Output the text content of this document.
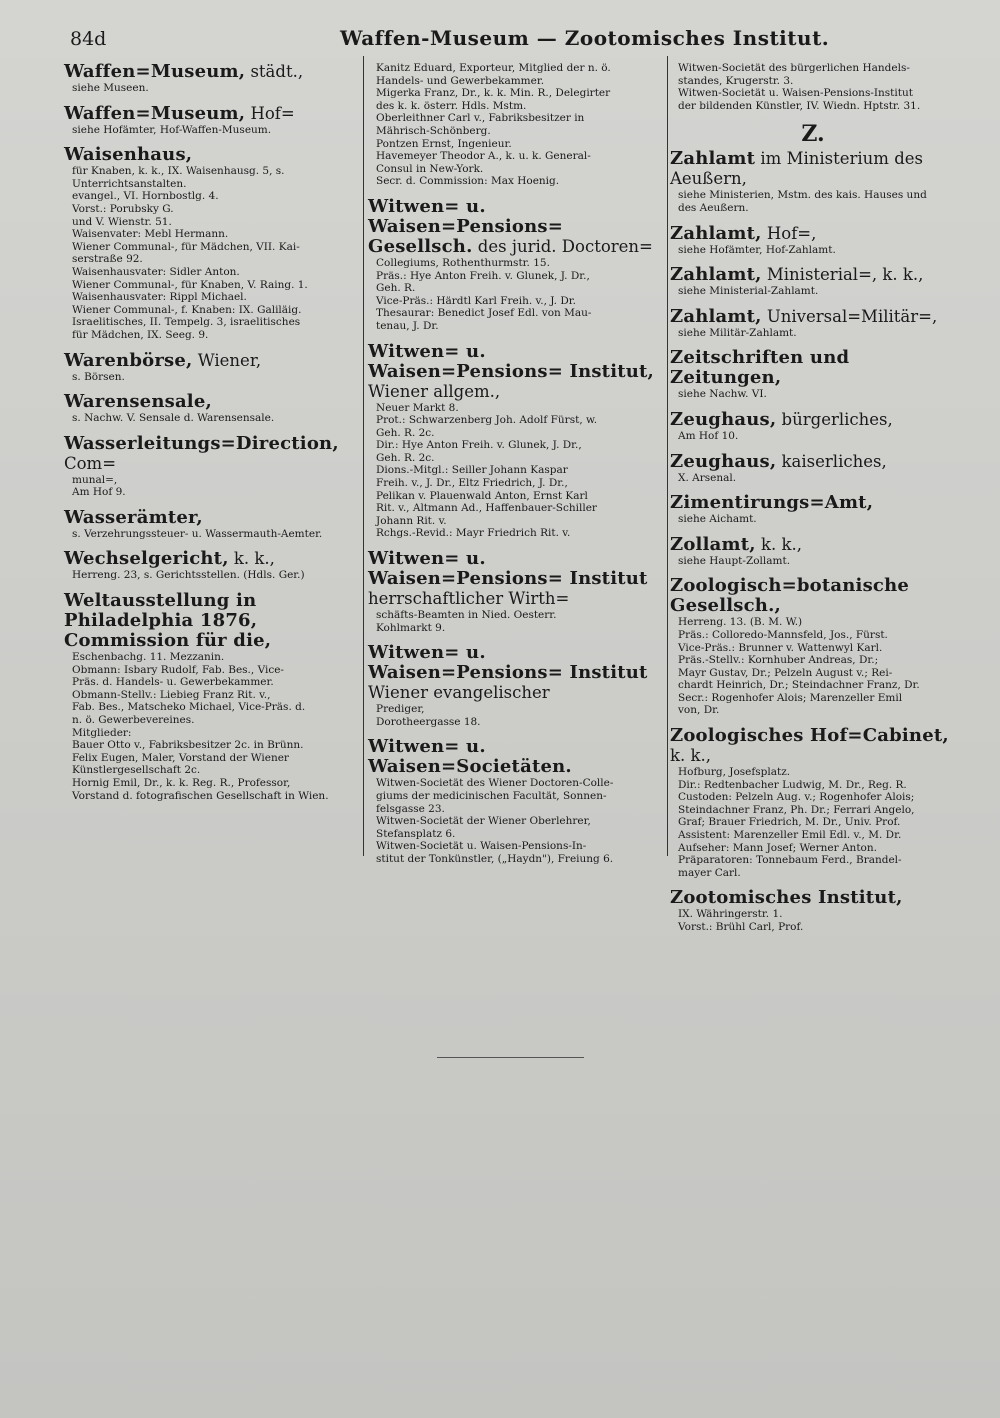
84d	Waffen-Museum — Zootomisches Institut.

Waffen=Museum, städt.,

siehe Museen.

Waffen=Museum, Hof=

siehe Hofämter, Hof-Waffen-Museum.

Waisenhaus,

für Knaben, k. k., IX. Waisenhausg. 5, s.

Unterrichtsanstalten.

evangel., VI. Hornbostlg. 4.

Vorst.: Porubsky G.

und V. Wienstr. 51.

Waisenvater: Mebl Hermann.

Wiener Communal-, für Mädchen, VII. Kai-

serstraße 92.

Waisenhausvater: Sidler Anton.

Wiener Communal-, für Knaben, V. Raing. 1.

Waisenhausvater: Rippl Michael.

Wiener Communal-, f. Knaben: IX. Galiläig.

Israelitisches, II. Tempelg. 3, israelitisches

für Mädchen, IX. Seeg. 9.

Warenbörse, Wiener,

s. Börsen.

Warensensale,

s. Nachw. V. Sensale d. Warensensale.

Wasserleitungs=Direction, Com=

munal=,

Am Hof 9.

Wasserämter,

s. Verzehrungssteuer- u. Wassermauth-Aemter.

Wechselgericht, k. k.,

Herreng. 23, s. Gerichtsstellen. (Hdls. Ger.)

Weltausstellung in Philadelphia 1876, Commission für die,

Eschenbachg. 11. Mezzanin.

Obmann: Isbary Rudolf, Fab. Bes., Vice-

Präs. d. Handels- u. Gewerbekammer.

Obmann-Stellv.: Liebieg Franz Rit. v.,

Fab. Bes., Matscheko Michael, Vice-Präs. d.

n. ö. Gewerbevereines.

Mitglieder:

Bauer Otto v., Fabriksbesitzer 2c. in Brünn.

Felix Eugen, Maler, Vorstand der Wiener

Künstlergesellschaft 2c.

Hornig Emil, Dr., k. k. Reg. R., Professor,

Vorstand d. fotografischen Gesellschaft in Wien.

Kanitz Eduard, Exporteur, Mitglied der n. ö.

Handels- und Gewerbekammer.

Migerka Franz, Dr., k. k. Min. R., Delegirter

des k. k. österr. Hdls. Mstm.

Oberleithner Carl v., Fabriksbesitzer in

Mährisch-Schönberg.

Pontzen Ernst, Ingenieur.

Havemeyer Theodor A., k. u. k. General-

Consul in New-York.

Secr. d. Commission: Max Hoenig.

Witwen= u. Waisen=Pensions= Gesellsch. des jurid. Doctoren=

Collegiums, Rothenthurmstr. 15.

Präs.: Hye Anton Freih. v. Glunek, J. Dr.,

Geh. R.

Vice-Präs.: Härdtl Karl Freih. v., J. Dr.

Thesaurar: Benedict Josef Edl. von Mau-

tenau, J. Dr.

Witwen= u. Waisen=Pensions= Institut, Wiener allgem.,

Neuer Markt 8.

Prot.: Schwarzenberg Joh. Adolf Fürst, w.

Geh. R. 2c.

Dir.: Hye Anton Freih. v. Glunek, J. Dr.,

Geh. R. 2c.

Dions.-Mitgl.: Seiller Johann Kaspar

Freih. v., J. Dr., Eltz Friedrich, J. Dr.,

Pelikan v. Plauenwald Anton, Ernst Karl

Rit. v., Altmann Ad., Haffenbauer-Schiller

Johann Rit. v.

Rchgs.-Revid.: Mayr Friedrich Rit. v.

Witwen= u. Waisen=Pensions= Institut herrschaftlicher Wirth=

schäfts-Beamten in Nied. Oesterr.

Kohlmarkt 9.

Witwen= u. Waisen=Pensions= Institut Wiener evangelischer

Prediger,

Dorotheergasse 18.

Witwen= u. Waisen=Societäten.

Witwen-Societät des Wiener Doctoren-Colle-

giums der medicinischen Facultät, Sonnen-

felsgasse 23.

Witwen-Societät der Wiener Oberlehrer,

Stefansplatz 6.

Witwen-Societät u. Waisen-Pensions-In-

stitut der Tonkünstler, („Haydn"), Freiung 6.

Witwen-Societät des bürgerlichen Handels-

standes, Krugerstr. 3.

Witwen-Societät u. Waisen-Pensions-Institut

der bildenden Künstler, IV. Wiedn. Hptstr. 31.

Z.

Zahlamt im Ministerium des Aeußern,

siehe Ministerien, Mstm. des kais. Hauses und

des Aeußern.

Zahlamt, Hof=,

siehe Hofämter, Hof-Zahlamt.

Zahlamt, Ministerial=, k. k.,

siehe Ministerial-Zahlamt.

Zahlamt, Universal=Militär=,

siehe Militär-Zahlamt.

Zeitschriften und Zeitungen,

siehe Nachw. VI.

Zeughaus, bürgerliches,

Am Hof 10.

Zeughaus, kaiserliches,

X. Arsenal.

Zimentirungs=Amt,

siehe Aichamt.

Zollamt, k. k.,

siehe Haupt-Zollamt.

Zoologisch=botanische Gesellsch.,

Herreng. 13. (B. M. W.)

Präs.: Colloredo-Mannsfeld, Jos., Fürst.

Vice-Präs.: Brunner v. Wattenwyl Karl.

Präs.-Stellv.: Kornhuber Andreas, Dr.;

Mayr Gustav, Dr.; Pelzeln August v.; Rei-

chardt Heinrich, Dr.; Steindachner Franz, Dr.

Secr.: Rogenhofer Alois; Marenzeller Emil

von, Dr.

Zoologisches Hof=Cabinet, k. k.,

Hofburg, Josefsplatz.

Dir.: Redtenbacher Ludwig, M. Dr., Reg. R.

Custoden: Pelzeln Aug. v.; Rogenhofer Alois;

Steindachner Franz, Ph. Dr.; Ferrari Angelo,

Graf; Brauer Friedrich, M. Dr., Univ. Prof.

Assistent: Marenzeller Emil Edl. v., M. Dr.

Aufseher: Mann Josef; Werner Anton.

Präparatoren: Tonnebaum Ferd., Brandel-

mayer Carl.

Zootomisches Institut,

IX. Währingerstr. 1.

Vorst.: Brühl Carl, Prof.
